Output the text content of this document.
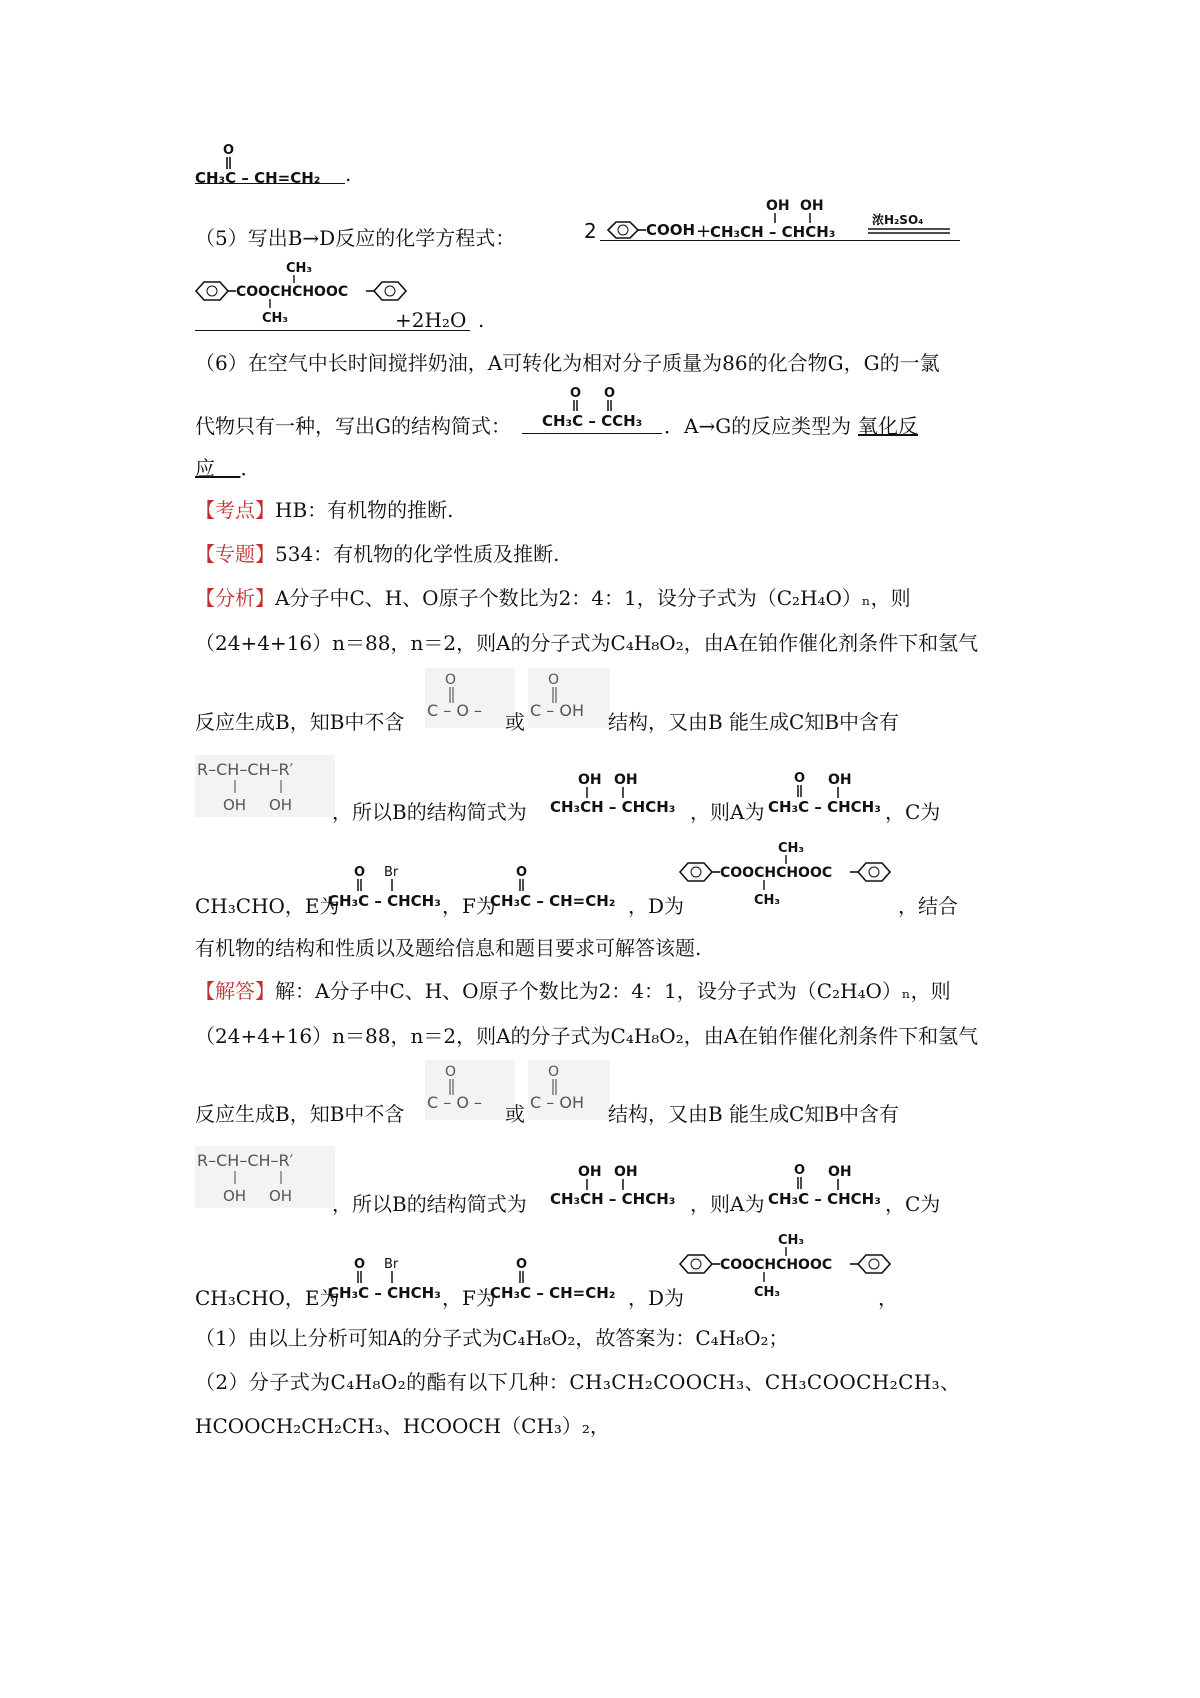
O
CH₃C – CH=CH₂ .
（5）写出B→D反应的化学方程式：	2	COOH +
OH OH
CH₃CH – CHCH₃
浓H₂SO₄
COOCHCHOOC
CH₃
CH₃	+2H₂O .
（6）在空气中长时间搅拌奶油，A可转化为相对分子质量为86的化合物G，G的一氯
代物只有一种，写出G的结构简式：
O O
CH₃C – CCH₃ ．A→G的反应类型为 氧化反
应 ．
【考点】HB：有机物的推断.
【专题】534：有机物的化学性质及推断.
【分析】A分子中C、H、O原子个数比为2：4：1，设分子式为（C₂H₄O）ₙ，则
（24+4+16）n＝88，n＝2，则A的分子式为C₄H₈O₂，由A在铂作催化剂条件下和氢气
反应生成B，知B中不含
O
C – O – 或
O
C – OH 结构，又由B 能生成C知B中含有
R–CH–CH–R′
OH OH ，所以B的结构简式为
OH OH
CH₃CH – CHCH₃ ，则A为
O OH
CH₃C – CHCH₃ ，C为
CH₃CHO，E为
O Br
CH₃C – CHCH₃ ，F为
O
CH₃C – CH=CH₂ ，D为
COOCHCHOOC
CH₃
CH₃	，结合
有机物的结构和性质以及题给信息和题目要求可解答该题.
【解答】解：A分子中C、H、O原子个数比为2：4：1，设分子式为（C₂H₄O）ₙ，则
（24+4+16）n＝88，n＝2，则A的分子式为C₄H₈O₂，由A在铂作催化剂条件下和氢气
反应生成B，知B中不含
O
C – O – 或
O
C – OH 结构，又由B 能生成C知B中含有
R–CH–CH–R′
OH OH ，所以B的结构简式为
OH OH
CH₃CH – CHCH₃ ，则A为
O OH
CH₃C – CHCH₃ ，C为
CH₃CHO，E为
O Br
CH₃C – CHCH₃ ，F为
O
CH₃C – CH=CH₂ ，D为
COOCHCHOOC
CH₃
CH₃	，
（1）由以上分析可知A的分子式为C₄H₈O₂，故答案为：C₄H₈O₂；
（2）分子式为C₄H₈O₂的酯有以下几种：CH₃CH₂COOCH₃、CH₃COOCH₂CH₃、
HCOOCH₂CH₂CH₃、HCOOCH（CH₃）₂，
